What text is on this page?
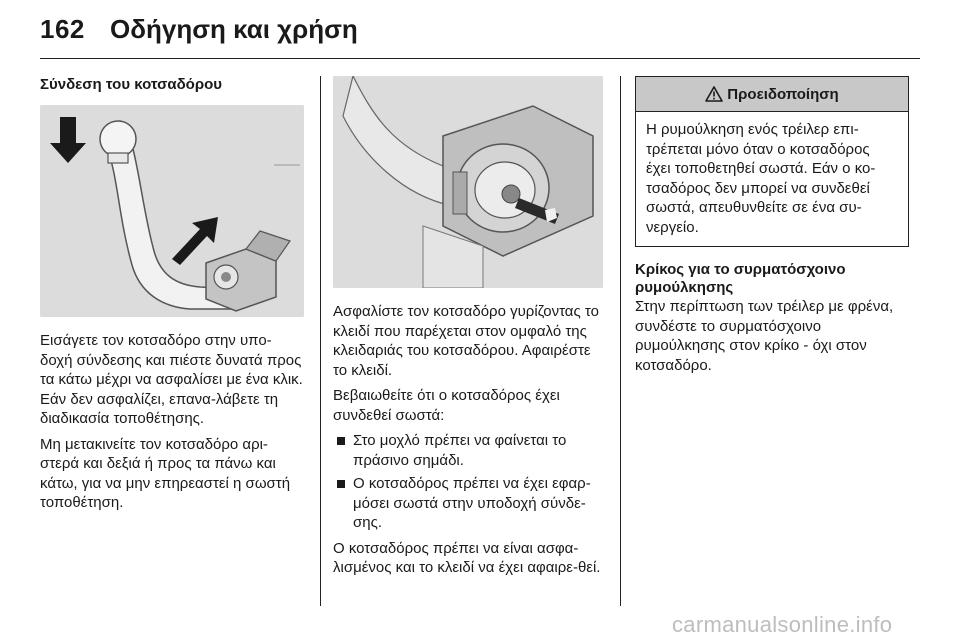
162 Οδήγηση και χρήση
Σύνδεση του κοτσαδόρου

Εισάγετε τον κοτσαδόρο στην υπο-δοχή σύνδεσης και πιέστε δυνατά προς τα κάτω μέχρι να ασφαλίσει με ένα κλικ. Εάν δεν ασφαλίζει, επανα-λάβετε τη διαδικασία τοποθέτησης.

Μη μετακινείτε τον κοτσαδόρο αρι-στερά και δεξιά ή προς τα πάνω και κάτω, για να μην επηρεαστεί η σωστή τοποθέτηση.

Ασφαλίστε τον κοτσαδόρο γυρίζοντας το κλειδί που παρέχεται στον ομφαλό της κλειδαριάς του κοτσαδόρου. Αφαιρέστε το κλειδί.

Βεβαιωθείτε ότι ο κοτσαδόρος έχει συνδεθεί σωστά:

Στο μοχλό πρέπει να φαίνεται το πράσινο σημάδι.
Ο κοτσαδόρος πρέπει να έχει εφαρ-μόσει σωστά στην υποδοχή σύνδε-σης.

Ο κοτσαδόρος πρέπει να είναι ασφα-λισμένος και το κλειδί να έχει αφαιρε-θεί.

Προειδοποίηση
Η ρυμούλκηση ενός τρέιλερ επι-τρέπεται μόνο όταν ο κοτσαδόρος έχει τοποθετηθεί σωστά. Εάν ο κο-τσαδόρος δεν μπορεί να συνδεθεί σωστά, απευθυνθείτε σε ένα συ-νεργείο.
Κρίκος για το συρματόσχοινο ρυμούλκησης

Στην περίπτωση των τρέιλερ με φρένα, συνδέστε το συρματόσχοινο ρυμούλκησης στον κρίκο - όχι στον κοτσαδόρο.

carmanualsonline.info
